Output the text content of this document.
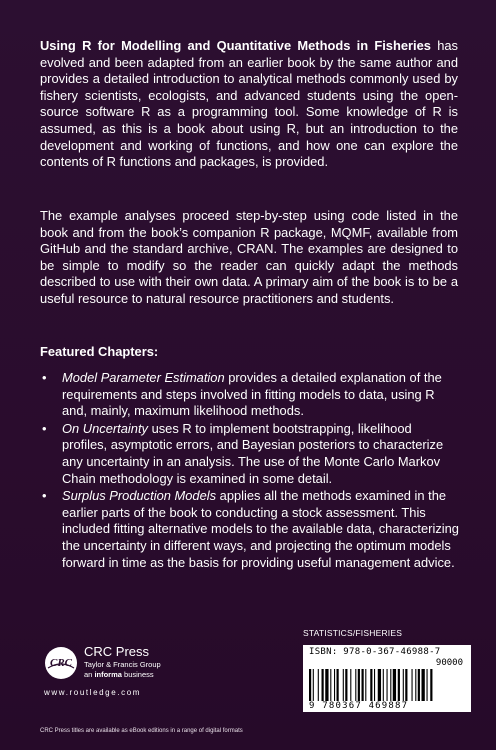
Using R for Modelling and Quantitative Methods in Fisheries has evolved and been adapted from an earlier book by the same author and provides a detailed introduction to analytical methods commonly used by fishery scientists, ecologists, and advanced students using the open-source software R as a programming tool. Some knowledge of R is assumed, as this is a book about using R, but an introduction to the development and working of functions, and how one can explore the contents of R functions and packages, is provided.
The example analyses proceed step-by-step using code listed in the book and from the book’s companion R package, MQMF, available from GitHub and the standard archive, CRAN. The examples are designed to be simple to modify so the reader can quickly adapt the methods described to use with their own data. A primary aim of the book is to be a useful resource to natural resource practitioners and students.
Featured Chapters:
• Model Parameter Estimation provides a detailed explanation of the requirements and steps involved in fitting models to data, using R and, mainly, maximum likelihood methods.
• On Uncertainty uses R to implement bootstrapping, likelihood profiles, asymptotic errors, and Bayesian posteriors to characterize any uncertainty in an analysis. The use of the Monte Carlo Markov Chain methodology is examined in some detail.
• Surplus Production Models applies all the methods examined in the earlier parts of the book to conducting a stock assessment. This included fitting alternative models to the available data, characterizing the uncertainty in different ways, and projecting the optimum models forward in time as the basis for providing useful management advice.
STATISTICS/FISHERIES
ISBN: 978-0-367-46988-7
90000
9 780367 469887
CRC
CRC Press
Taylor & Francis Group
an informa business
www.routledge.com
CRC Press titles are available as eBook editions in a range of digital formats
